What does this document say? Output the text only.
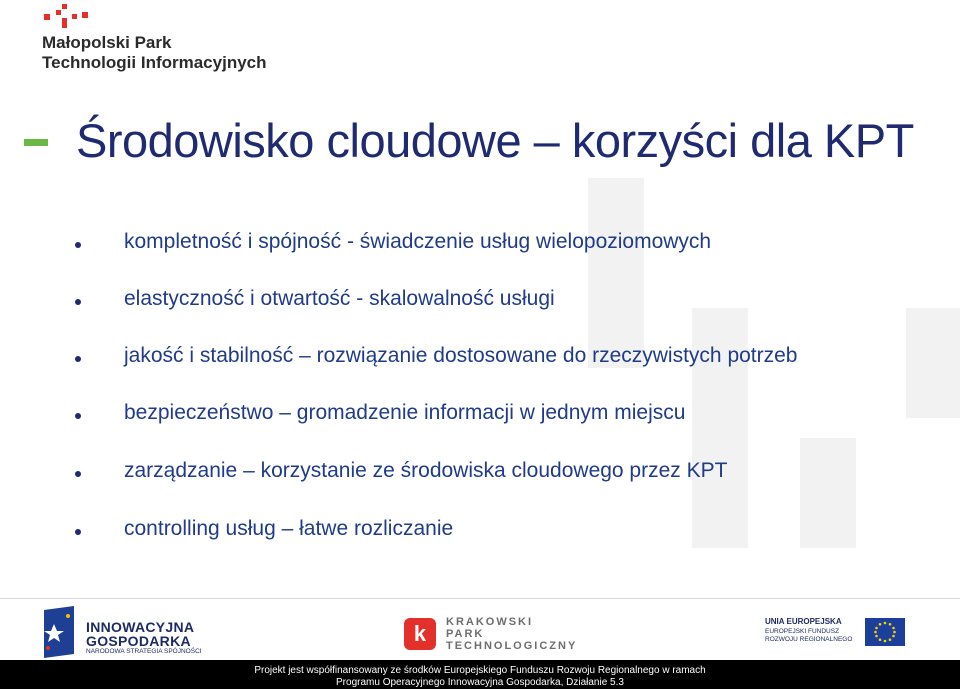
Małopolski Park
Technologii Informacyjnych
Środowisko cloudowe – korzyści dla KPT
kompletność i spójność - świadczenie usług wielopoziomowych
elastyczność i otwartość - skalowalność usługi
jakość i stabilność – rozwiązanie dostosowane do rzeczywistych potrzeb
bezpieczeństwo – gromadzenie informacji w jednym miejscu
zarządzanie – korzystanie ze środowiska cloudowego przez KPT
controlling usług – łatwe rozliczanie
INNOWACYJNA
GOSPODARKA
NARODOWA STRATEGIA SPÓJNOŚCI
k	KRAKOWSKI
PARK
TECHNOLOGICZNY
UNIA EUROPEJSKA
EUROPEJSKI FUNDUSZ
ROZWOJU REGIONALNEGO
Projekt jest współfinansowany ze środków Europejskiego Funduszu Rozwoju Regionalnego w ramach
Programu Operacyjnego Innowacyjna Gospodarka, Działanie 5.3
